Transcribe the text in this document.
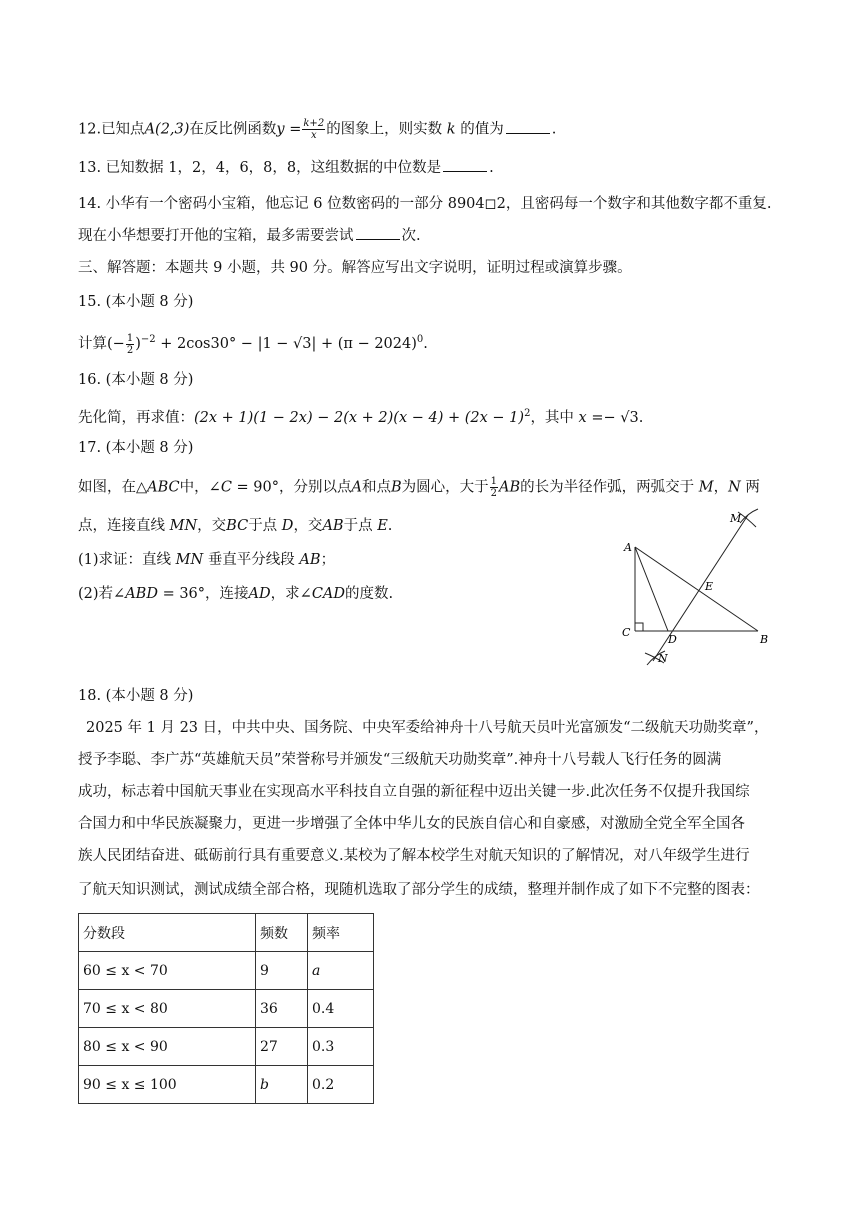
12.已知点A(2,3)在反比例函数$y = \frac{k+2}{x}$ 的图象上，则实数 k 的值为	.
13. 已知数据 1，2，4，6，8，8，这组数据的中位数是	.
14. 小华有一个密码小宝箱，他忘记 6 位数密码的一部分 8904◻2，且密码每一个数字和其他数字都不重复.
现在小华想要打开他的宝箱，最多需要尝试	次.
三、解答题：本题共 9 小题，共 90 分。解答应写出文字说明，证明过程或演算步骤。
15. (本小题 8 分)
计算(− $\frac{1}{2} )^{-2} + 2\cos 30^\circ - |1 - √3| + (\pi - 2024)^0$.
16. (本小题 8 分)
先化简，再求值：$(2x + 1)(1 - 2x) - 2(x + 2)(x - 4) + (2x - 1)^2$，其中 x =− √3.
17. (本小题 8 分)
如图，在△ABC中，∠C = 90°，分别以点A和点B为圆心，大于 $\frac{1}{2}$ AB的长为半径作弧，两弧交于 M，N 两
点，连接直线 MN，交BC于点 D，交AB于点 E.
(1)求证：直线 MN 垂直平分线段 AB；
(2)若∠ABD = 36°，连接AD，求∠CAD的度数.
A
B
C
D
E
M
N
18. (本小题 8 分)
2025 年 1 月 23 日，中共中央、国务院、中央军委给神舟十八号航天员叶光富颁发“二级航天功勋奖章”，
授予李聪、李广苏“英雄航天员”荣誉称号并颁发“三级航天功勋奖章”.神舟十八号载人飞行任务的圆满
成功，标志着中国航天事业在实现高水平科技自立自强的新征程中迈出关键一步.此次任务不仅提升我国综
合国力和中华民族凝聚力，更进一步增强了全体中华儿女的民族自信心和自豪感，对激励全党全军全国各
族人民团结奋进、砥砺前行具有重要意义.某校为了解本校学生对航天知识的了解情况，对八年级学生进行
了航天知识测试，测试成绩全部合格，现随机选取了部分学生的成绩，整理并制作成了如下不完整的图表：
分数段	频数	频率
60 ≤ x < 70	9	a
70 ≤ x < 80	36	0.4
80 ≤ x < 90	27	0.3
90 ≤ x ≤ 100	b	0.2
